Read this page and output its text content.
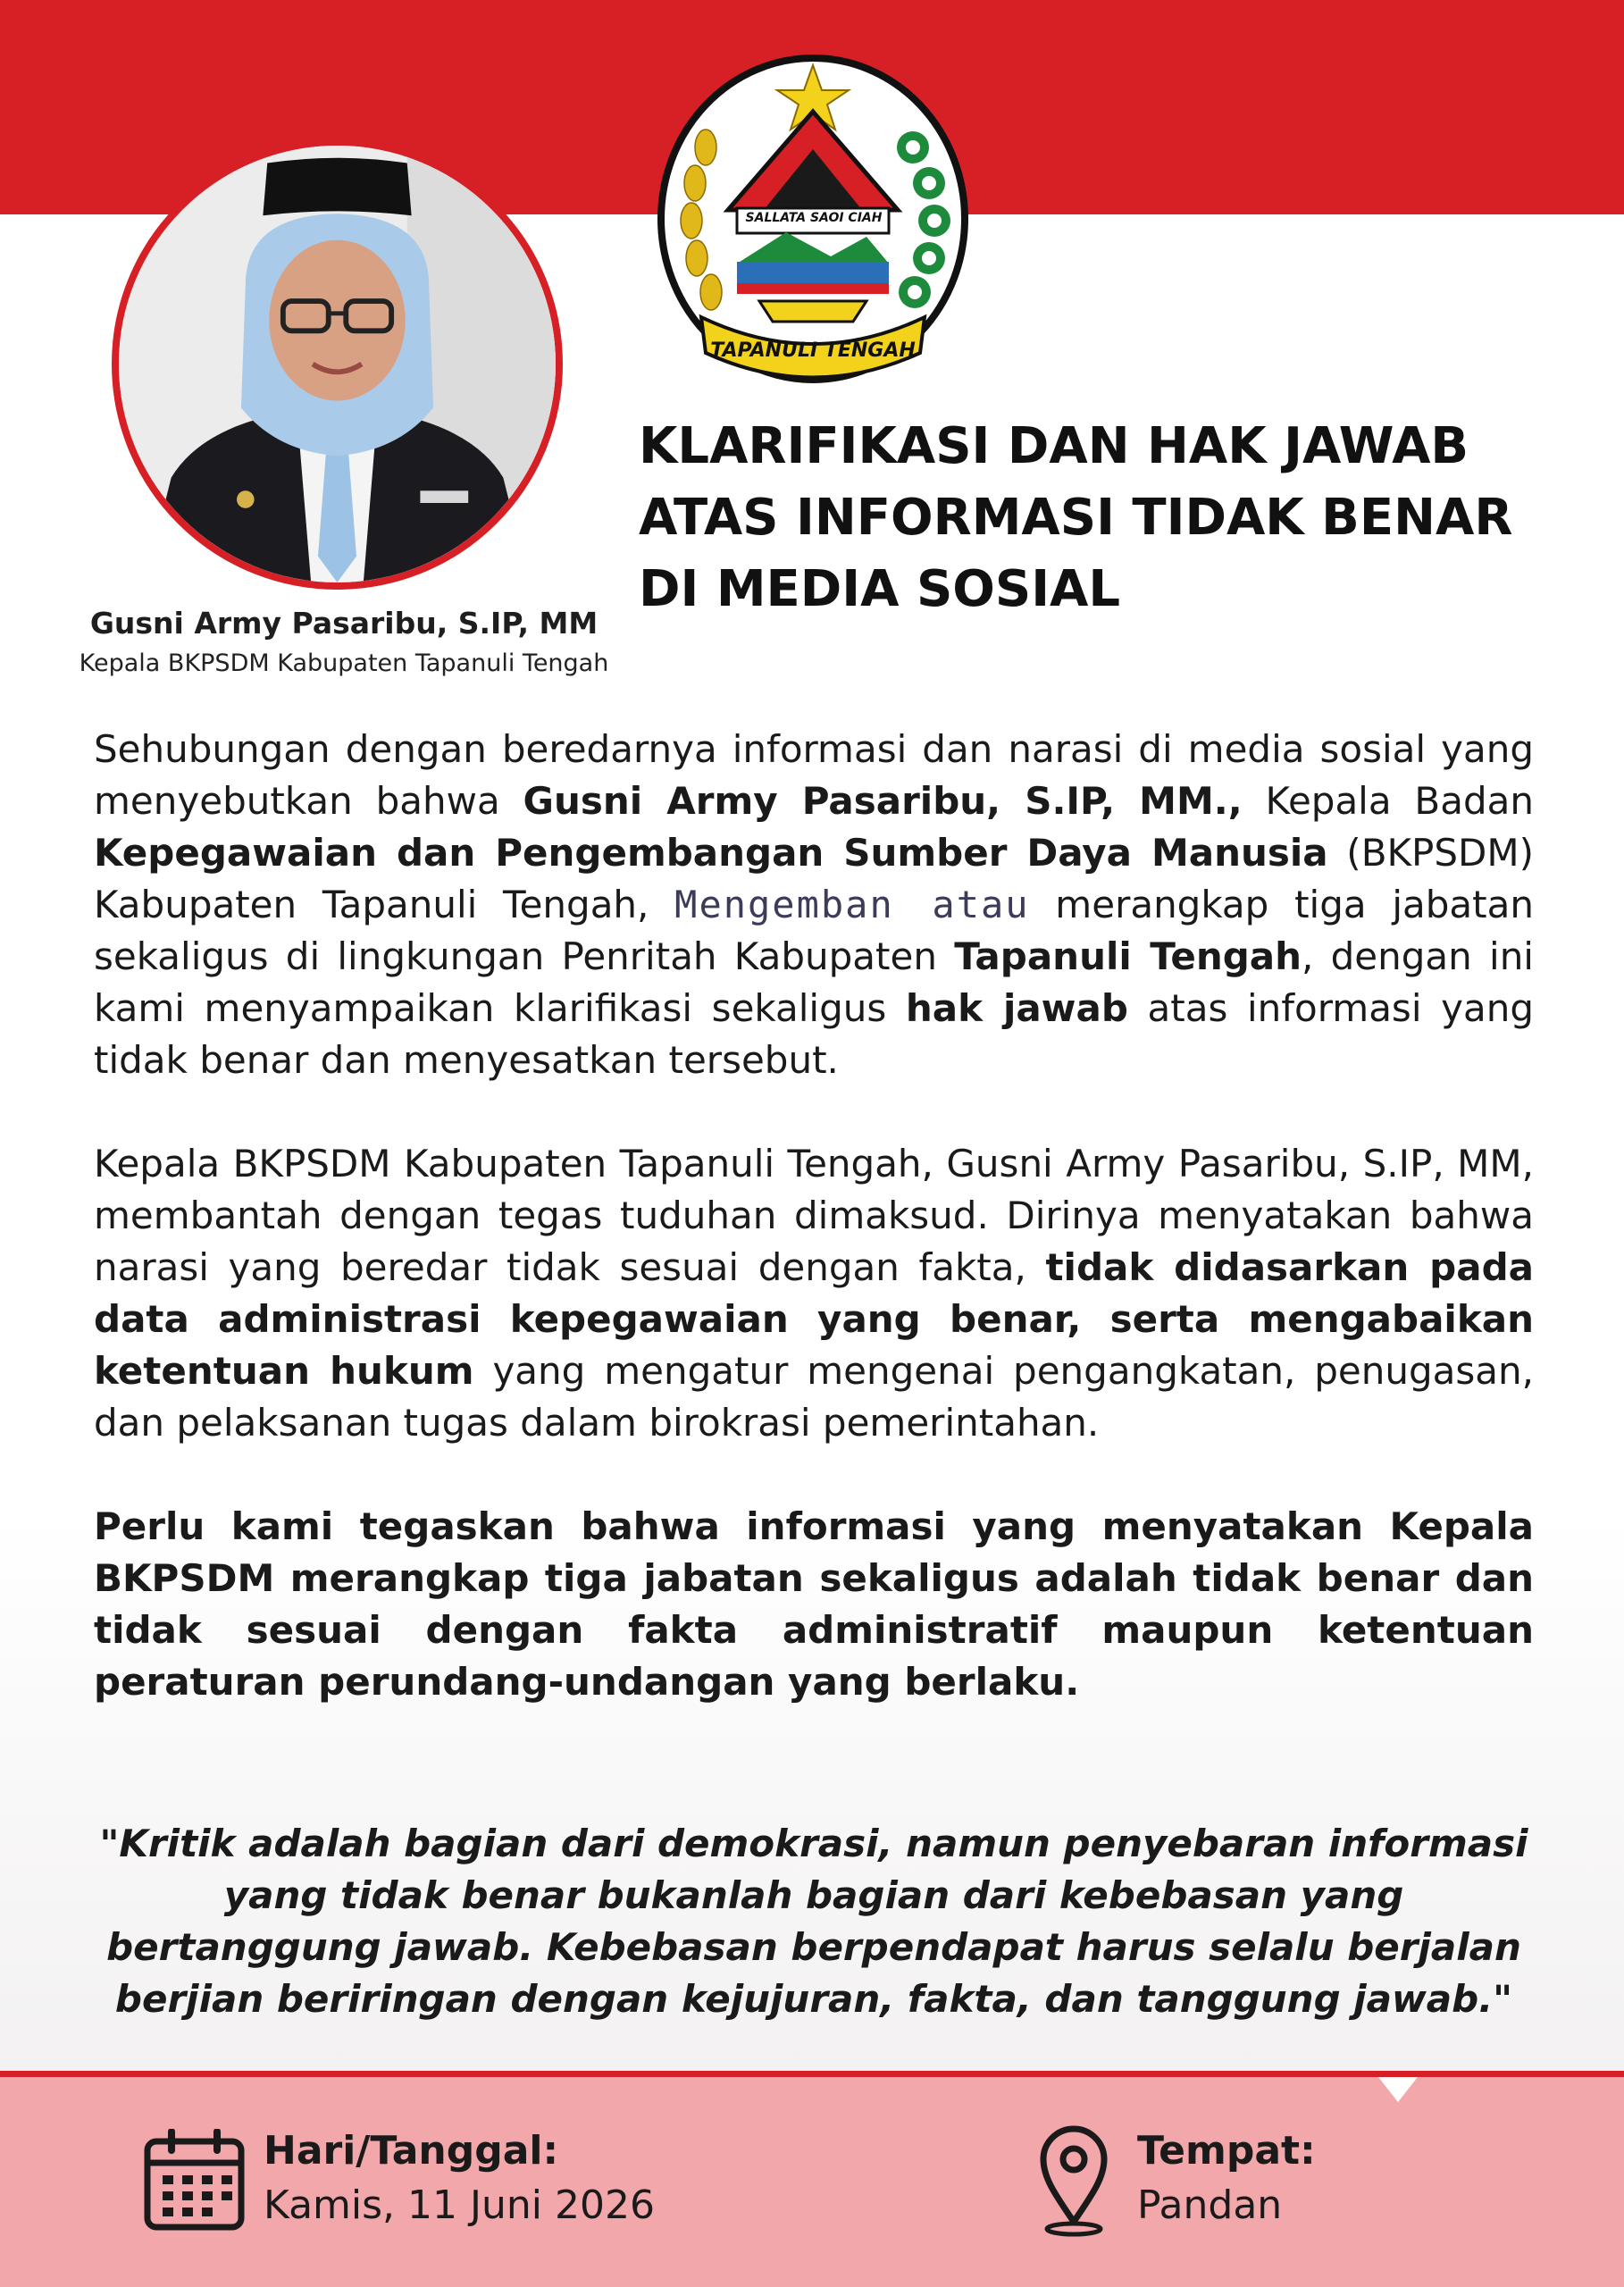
Gusni Army Pasaribu, S.IP, MM
Kepala BKPSDM Kabupaten Tapanuli Tengah
SALLATA SAOI CIAH
TAPANULI TENGAH
KLARIFIKASI DAN HAK JAWAB
ATAS INFORMASI TIDAK BENAR
DI MEDIA SOSIAL

Sehubungan dengan beredarnya informasi dan narasi di media sosial yang menyebutkan bahwa Gusni Army Pasaribu, S.IP, MM., Kepala Badan Kepegawaian dan Pengembangan Sumber Daya Manusia (BKPSDM) Kabupaten Tapanuli Tengah, Mengemban atau merangkap tiga jabatan sekaligus di lingkungan Penritah Kabupaten Tapanuli Tengah, dengan ini kami menyampaikan klarifikasi sekaligus hak jawab atas informasi yang tidak benar dan menyesatkan tersebut.

Kepala BKPSDM Kabupaten Tapanuli Tengah, Gusni Army Pasaribu, S.IP, MM, membantah dengan tegas tuduhan dimaksud. Dirinya menyatakan bahwa narasi yang beredar tidak sesuai dengan fakta, tidak didasarkan pada data administrasi kepegawaian yang benar, serta mengabaikan ketentuan hukum yang mengatur mengenai pengangkatan, penugasan, dan pelaksanan tugas dalam birokrasi pemerintahan.

Perlu kami tegaskan bahwa informasi yang menyatakan Kepala BKPSDM merangkap tiga jabatan sekaligus adalah tidak benar dan tidak sesuai dengan fakta administratif maupun ketentuan peraturan perundang-undangan yang berlaku.

"Kritik adalah bagian dari demokrasi, namun penyebaran informasi yang tidak benar bukanlah bagian dari kebebasan yang bertanggung jawab. Kebebasan berpendapat harus selalu berjalan berjian beriringan dengan kejujuran, fakta, dan tanggung jawab."
Hari/Tanggal:
Kamis, 11 Juni 2026
Tempat:
Pandan
